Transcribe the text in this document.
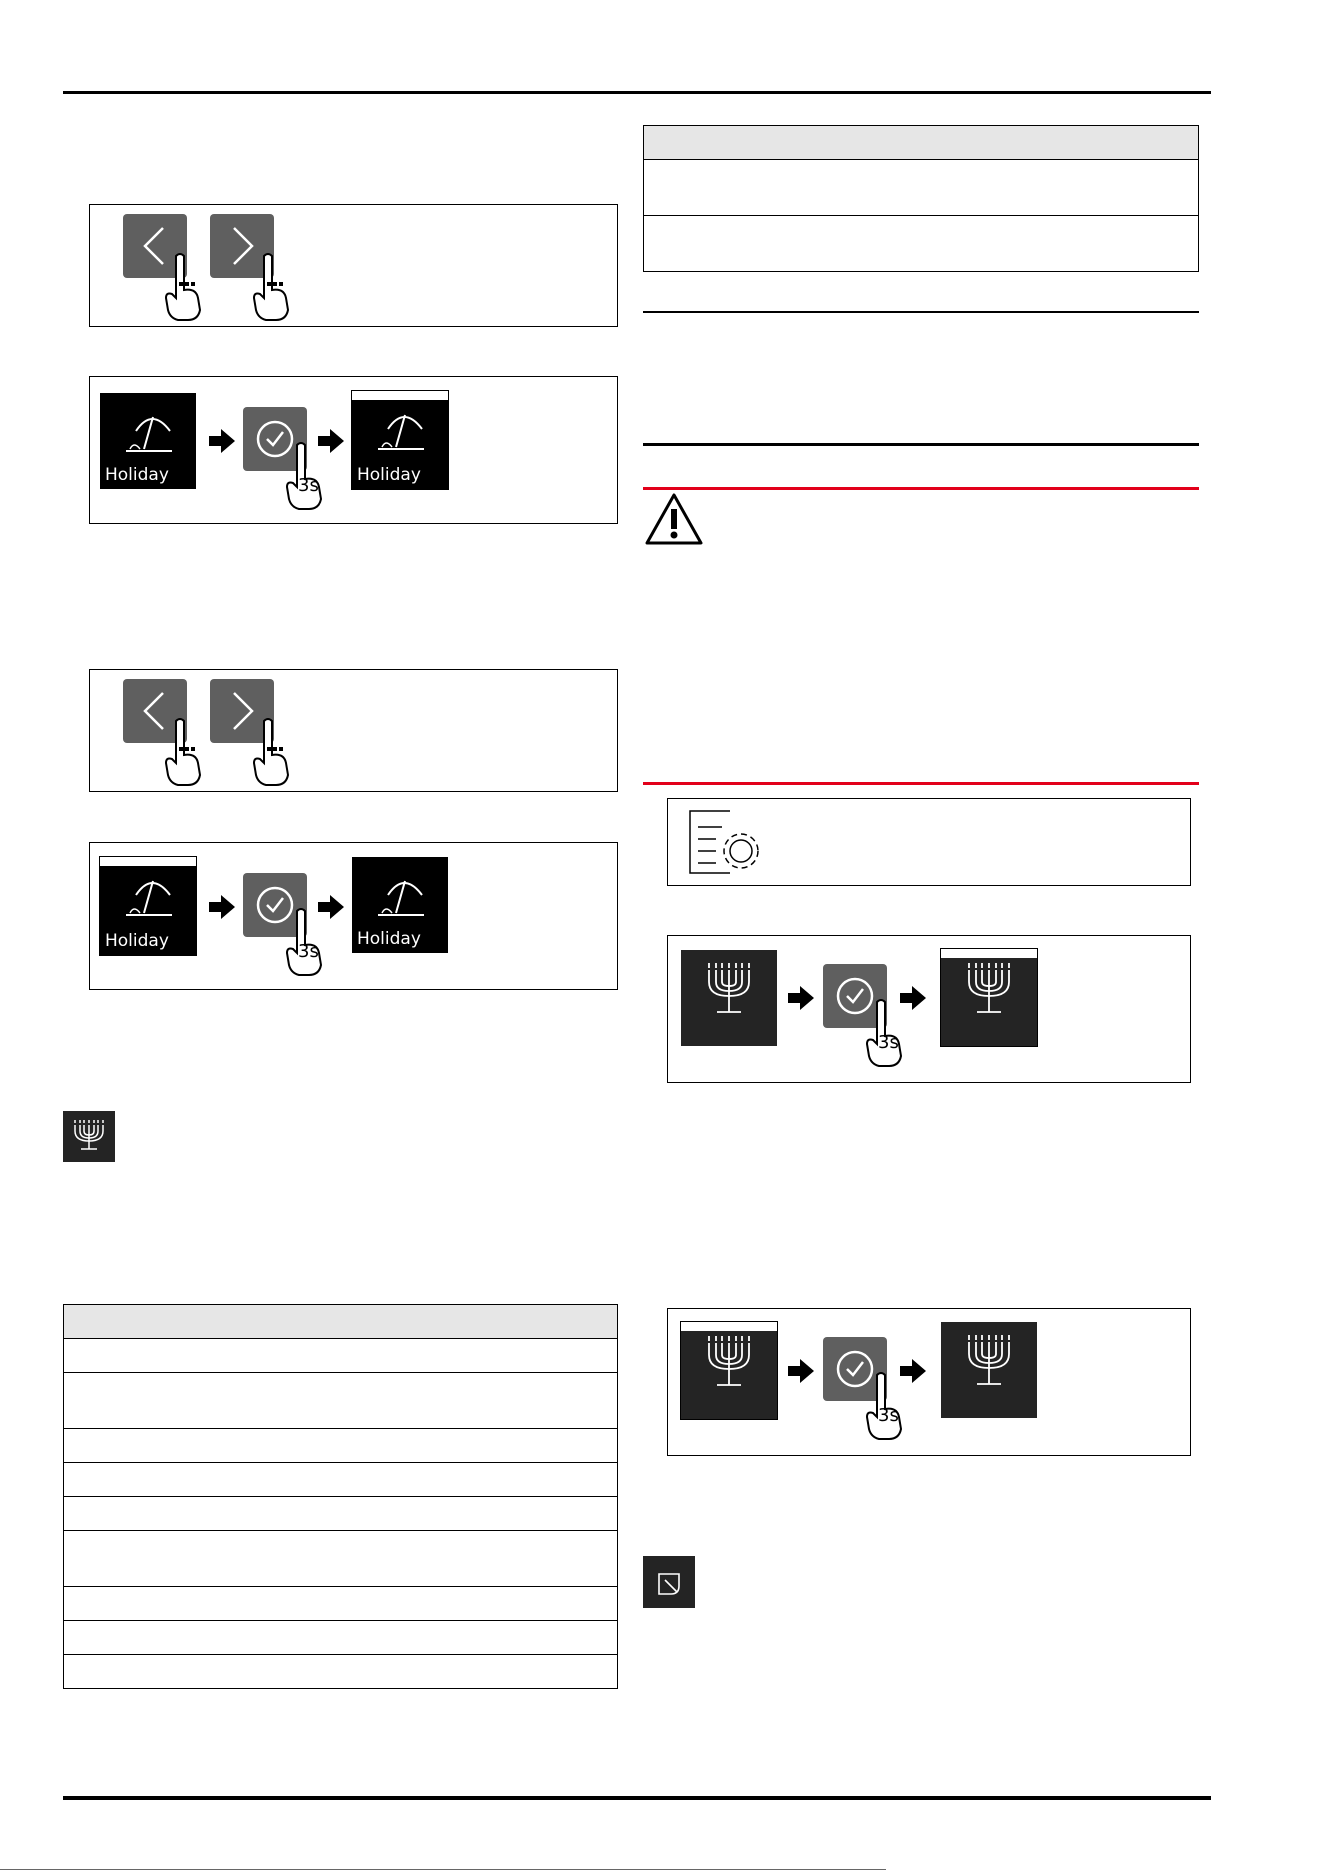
Holiday	3s Holiday
Holiday	3s
Holiday

3s
3s
